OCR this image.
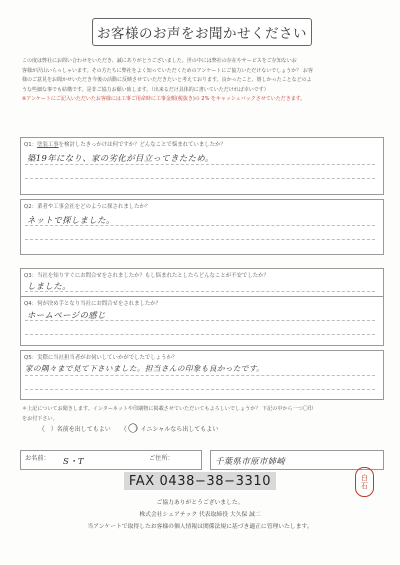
お客様のお声をお聞かせください
この度は弊社にお問い合わせをいただき、誠にありがとうございました。世の中には弊社の存在やサービスをご存知ないお
客様が沢山いらっしゃいます。その方たちに弊社をよく知っていただくためのアンケートにご協力いただけないでしょうか？ お客
様のご意見をお聞かせいただき今後の活動に反映させていただきたいと考えております。良かったこと、嬉しかったことなどのよ
うな些細な事でも結構です。是非ご協力お願い致します。（出来るだけ具体的に書いていただければ幸いです）
※アンケートにご記入いただいたお客様には工事ご用命時に工事金額(税抜き)の 2% をキャッシュバックさせていただきます。
Q1：塗装工事を検討したきっかけは何ですか？どんなことで悩まれていましたか？
築19年になり、家の劣化が目立ってきたため。
Q2：業者や工事会社をどのように探されましたか？
ネットで探しました。
Q3：当社を知りすぐにお問合せをされましたか？もし悩まれたとしたらどんなことが不安でしたか？
しました。
Q4：何が決め手となり当社にお問合せをされましたか？
ホームページの感じ
Q5：実際に当社担当者がお伺いしていかがでしたでしょうか？
家の隅々まで見て下さいました。担当さんの印象も良かったです。
＊上記についてお聞きします。インターネットや印刷物に掲載させていただいてもよろしいでしょうか？ 下記の中から一つ〇印
をお付下さい。
（ ）名前を出してもよい （ ）イニシャルなら出してもよい
〇
お名前： S・T	ご住所：	千葉県市原市姉崎
FAX 0438−38−3310	白
石
ご協力ありがとうございました。
株式会社シェアテック 代表取締役 大久保 誠二
当アンケートで取得したお客様の個人情報は関係法規に基づき適正に管理いたします。
